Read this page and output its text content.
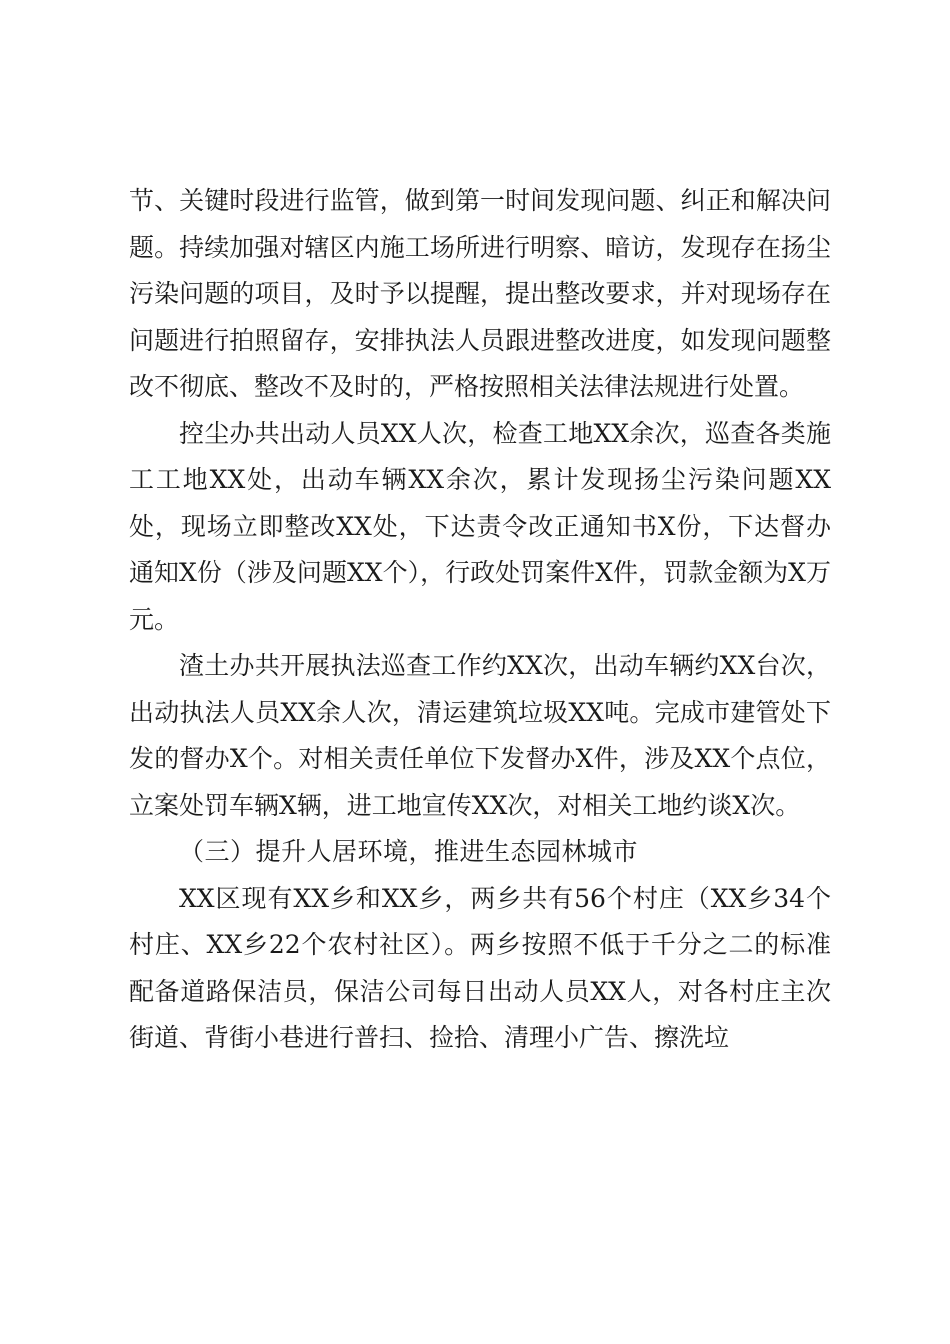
节、关键时段进行监管，做到第一时间发现问题、纠正和解决问题。持续加强对辖区内施工场所进行明察、暗访，发现存在扬尘污染问题的项目，及时予以提醒，提出整改要求，并对现场存在问题进行拍照留存，安排执法人员跟进整改进度，如发现问题整改不彻底、整改不及时的，严格按照相关法律法规进行处置。

控尘办共出动人员XX人次，检查工地XX余次，巡查各类施工工地XX处，出动车辆XX余次，累计发现扬尘污染问题XX处，现场立即整改XX处，下达责令改正通知书X份，下达督办通知X份（涉及问题XX个），行政处罚案件X件，罚款金额为X万元。

渣土办共开展执法巡查工作约XX次，出动车辆约XX台次，出动执法人员XX余人次，清运建筑垃圾XX吨。完成市建管处下发的督办X个。对相关责任单位下发督办X件，涉及XX个点位，立案处罚车辆X辆，进工地宣传XX次，对相关工地约谈X次。

（三）提升人居环境，推进生态园林城市

XX区现有XX乡和XX乡，两乡共有56个村庄（XX乡34个村庄、XX乡22个农村社区）。两乡按照不低于千分之二的标准配备道路保洁员，保洁公司每日出动人员XX人，对各村庄主次街道、背街小巷进行普扫、捡拾、清理小广告、擦洗垃
